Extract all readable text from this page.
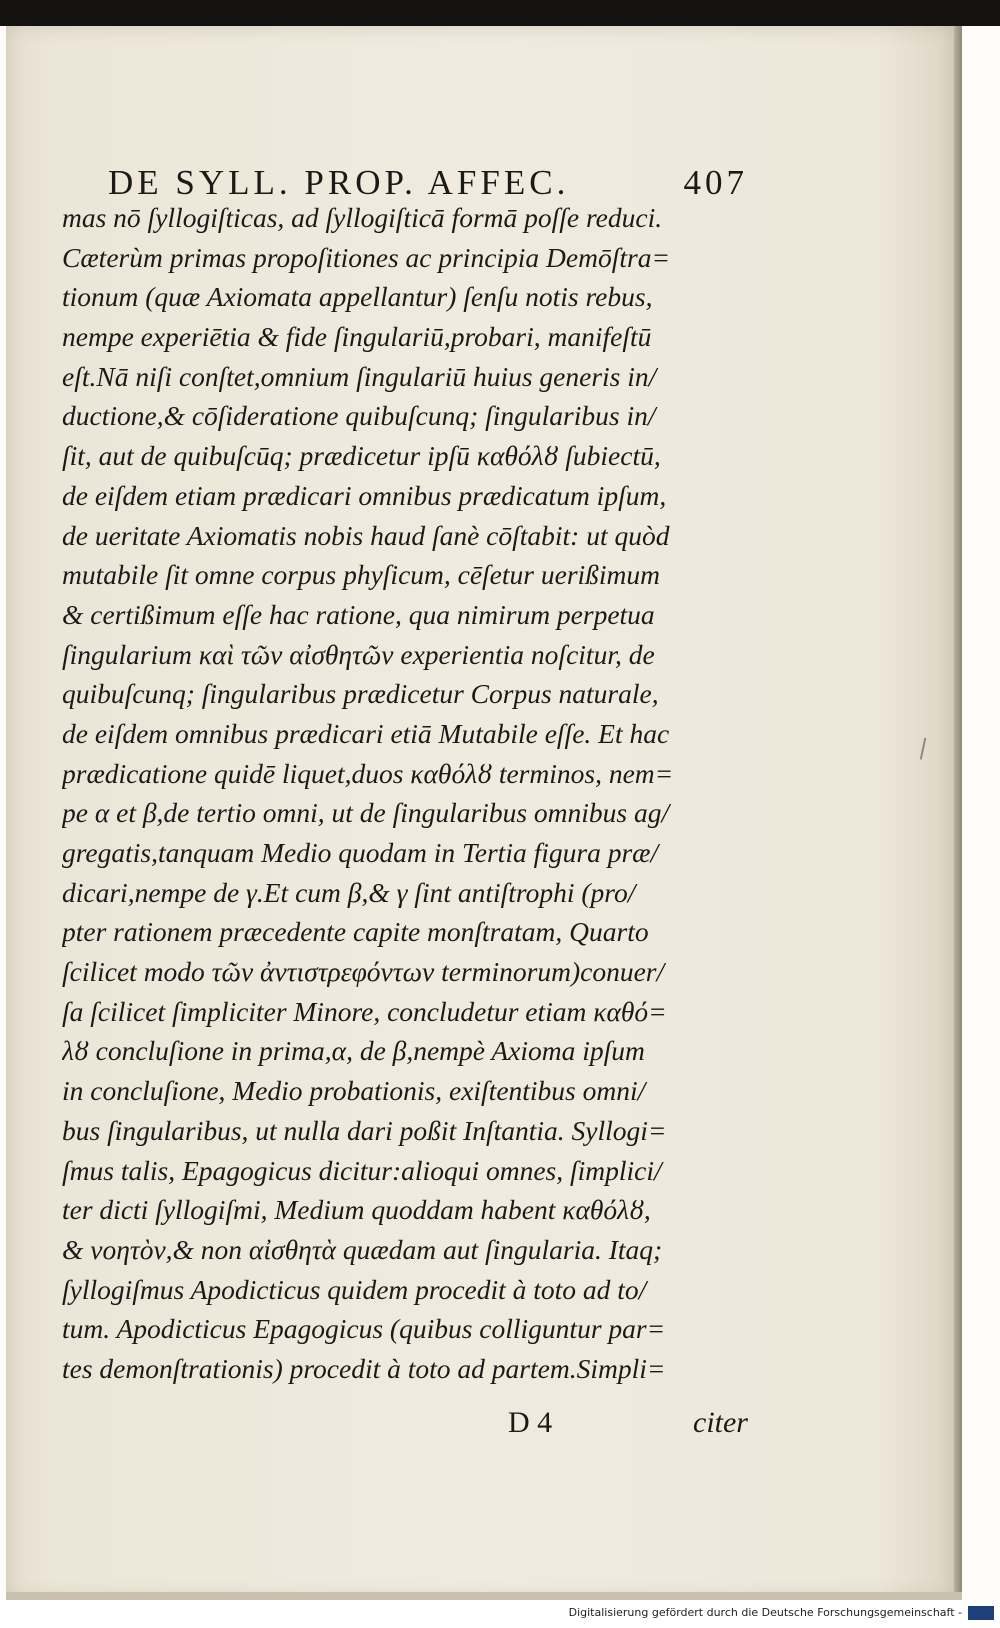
DE SYLL. PROP. AFFEC.	407
mas nō ſyllogiſticas, ad ſyllogiſticā formā poſſe reduci.
Cæterùm primas propoſitiones ac principia Demōſtra=
tionum (quæ Axiomata appellantur) ſenſu notis rebus,
nempe experiētia & fide ſingulariū,probari, manifeſtū
eſt.Nā niſi conſtet,omnium ſingulariū huius generis in/
ductione,& cōſideratione quibuſcunq; ſingularibus in/
ſit, aut de quibuſcūq; prædicetur ipſū καθόλȣ ſubiectū,
de eiſdem etiam prædicari omnibus prædicatum ipſum,
de ueritate Axiomatis nobis haud ſanè cōſtabit: ut quòd
mutabile ſit omne corpus phyſicum, cēſetur uerißimum
& certißimum eſſe hac ratione, qua nimirum perpetua
ſingularium καὶ τῶν αἰσθητῶν experientia noſcitur, de
quibuſcunq; ſingularibus prædicetur Corpus naturale,
de eiſdem omnibus prædicari etiā Mutabile eſſe. Et hac
prædicatione quidē liquet,duos καθόλȣ terminos, nem=
pe α et β,de tertio omni, ut de ſingularibus omnibus ag/
gregatis,tanquam Medio quodam in Tertia figura præ/
dicari,nempe de γ.Et cum β,& γ ſint antiſtrophi (pro/
pter rationem præcedente capite monſtratam, Quarto
ſcilicet modo τῶν ἀντιστρεφόντων terminorum)conuer/
ſa ſcilicet ſimpliciter Minore, concludetur etiam καθό=
λȣ concluſione in prima,α, de β,nempè Axioma ipſum
in concluſione, Medio probationis, exiſtentibus omni/
bus ſingularibus, ut nulla dari poßit Inſtantia. Syllogi=
ſmus talis, Epagogicus dicitur:alioqui omnes, ſimplici/
ter dicti ſyllogiſmi, Medium quoddam habent καθόλȣ,
& νοητὸν,& non αἰσθητὰ quædam aut ſingularia. Itaq;
ſyllogiſmus Apodicticus quidem procedit à toto ad to/
tum. Apodicticus Epagogicus (quibus colliguntur par=
tes demonſtrationis) procedit à toto ad partem.Simpli=
D 4	citer
Digitalisierung gefördert durch die Deutsche Forschungsgemeinschaft -
